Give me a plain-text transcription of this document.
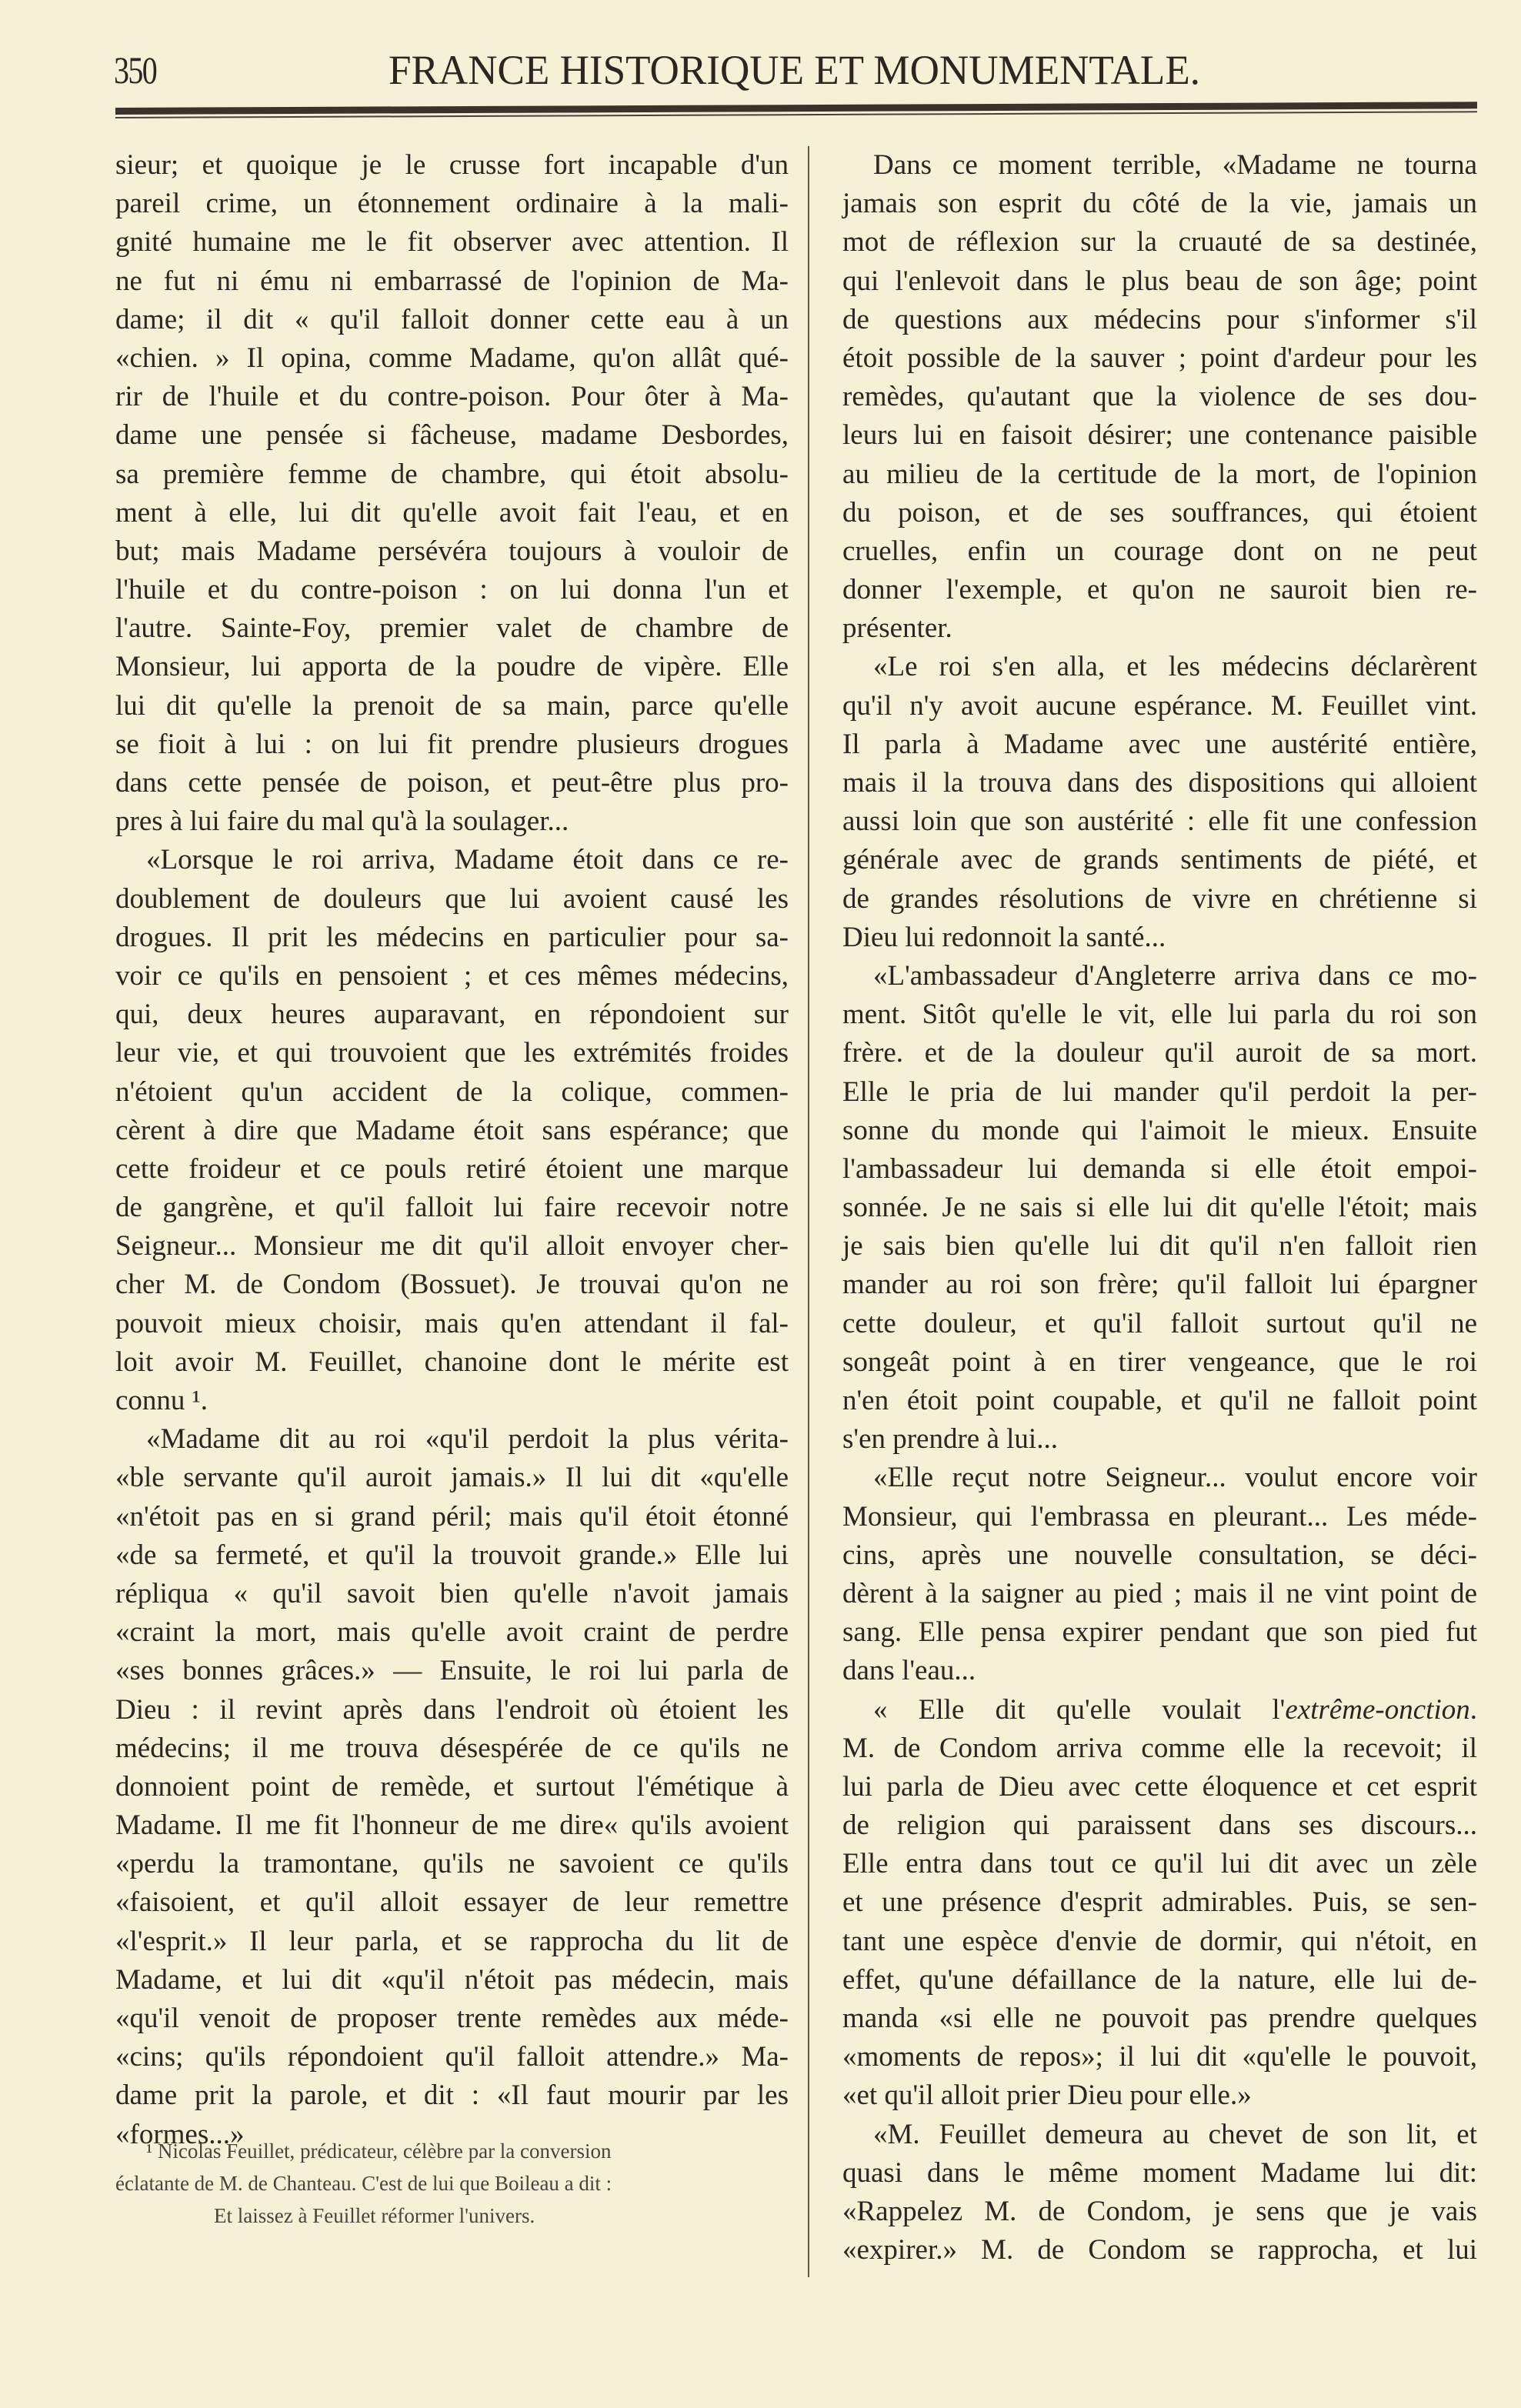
350	FRANCE HISTORIQUE ET MONUMENTALE.
sieur; et quoique je le crusse fort incapable d'un
pareil crime, un étonnement ordinaire à la mali-
gnité humaine me le fit observer avec attention. Il
ne fut ni ému ni embarrassé de l'opinion de Ma-
dame; il dit « qu'il falloit donner cette eau à un
«chien. » Il opina, comme Madame, qu'on allât qué-
rir de l'huile et du contre-poison. Pour ôter à Ma-
dame une pensée si fâcheuse, madame Desbordes,
sa première femme de chambre, qui étoit absolu-
ment à elle, lui dit qu'elle avoit fait l'eau, et en
but; mais Madame persévéra toujours à vouloir de
l'huile et du contre-poison : on lui donna l'un et
l'autre. Sainte-Foy, premier valet de chambre de
Monsieur, lui apporta de la poudre de vipère. Elle
lui dit qu'elle la prenoit de sa main, parce qu'elle
se fioit à lui : on lui fit prendre plusieurs drogues
dans cette pensée de poison, et peut-être plus pro-
pres à lui faire du mal qu'à la soulager...
«Lorsque le roi arriva, Madame étoit dans ce re-
doublement de douleurs que lui avoient causé les
drogues. Il prit les médecins en particulier pour sa-
voir ce qu'ils en pensoient ; et ces mêmes médecins,
qui, deux heures auparavant, en répondoient sur
leur vie, et qui trouvoient que les extrémités froides
n'étoient qu'un accident de la colique, commen-
cèrent à dire que Madame étoit sans espérance; que
cette froideur et ce pouls retiré étoient une marque
de gangrène, et qu'il falloit lui faire recevoir notre
Seigneur... Monsieur me dit qu'il alloit envoyer cher-
cher M. de Condom (Bossuet). Je trouvai qu'on ne
pouvoit mieux choisir, mais qu'en attendant il fal-
loit avoir M. Feuillet, chanoine dont le mérite est
connu ¹.
«Madame dit au roi «qu'il perdoit la plus vérita-
«ble servante qu'il auroit jamais.» Il lui dit «qu'elle
«n'étoit pas en si grand péril; mais qu'il étoit étonné
«de sa fermeté, et qu'il la trouvoit grande.» Elle lui
répliqua « qu'il savoit bien qu'elle n'avoit jamais
«craint la mort, mais qu'elle avoit craint de perdre
«ses bonnes grâces.» — Ensuite, le roi lui parla de
Dieu : il revint après dans l'endroit où étoient les
médecins; il me trouva désespérée de ce qu'ils ne
donnoient point de remède, et surtout l'émétique à
Madame. Il me fit l'honneur de me dire« qu'ils avoient
«perdu la tramontane, qu'ils ne savoient ce qu'ils
«faisoient, et qu'il alloit essayer de leur remettre
«l'esprit.» Il leur parla, et se rapprocha du lit de
Madame, et lui dit «qu'il n'étoit pas médecin, mais
«qu'il venoit de proposer trente remèdes aux méde-
«cins; qu'ils répondoient qu'il falloit attendre.» Ma-
dame prit la parole, et dit : «Il faut mourir par les
«formes...»
Dans ce moment terrible, «Madame ne tourna
jamais son esprit du côté de la vie, jamais un
mot de réflexion sur la cruauté de sa destinée,
qui l'enlevoit dans le plus beau de son âge; point
de questions aux médecins pour s'informer s'il
étoit possible de la sauver ; point d'ardeur pour les
remèdes, qu'autant que la violence de ses dou-
leurs lui en faisoit désirer; une contenance paisible
au milieu de la certitude de la mort, de l'opinion
du poison, et de ses souffrances, qui étoient
cruelles, enfin un courage dont on ne peut
donner l'exemple, et qu'on ne sauroit bien re-
présenter.
«Le roi s'en alla, et les médecins déclarèrent
qu'il n'y avoit aucune espérance. M. Feuillet vint.
Il parla à Madame avec une austérité entière,
mais il la trouva dans des dispositions qui alloient
aussi loin que son austérité : elle fit une confession
générale avec de grands sentiments de piété, et
de grandes résolutions de vivre en chrétienne si
Dieu lui redonnoit la santé...
«L'ambassadeur d'Angleterre arriva dans ce mo-
ment. Sitôt qu'elle le vit, elle lui parla du roi son
frère. et de la douleur qu'il auroit de sa mort.
Elle le pria de lui mander qu'il perdoit la per-
sonne du monde qui l'aimoit le mieux. Ensuite
l'ambassadeur lui demanda si elle étoit empoi-
sonnée. Je ne sais si elle lui dit qu'elle l'étoit; mais
je sais bien qu'elle lui dit qu'il n'en falloit rien
mander au roi son frère; qu'il falloit lui épargner
cette douleur, et qu'il falloit surtout qu'il ne
songeât point à en tirer vengeance, que le roi
n'en étoit point coupable, et qu'il ne falloit point
s'en prendre à lui...
«Elle reçut notre Seigneur... voulut encore voir
Monsieur, qui l'embrassa en pleurant... Les méde-
cins, après une nouvelle consultation, se déci-
dèrent à la saigner au pied ; mais il ne vint point de
sang. Elle pensa expirer pendant que son pied fut
dans l'eau...
« Elle dit qu'elle voulait l'extrême-onction.
M. de Condom arriva comme elle la recevoit; il
lui parla de Dieu avec cette éloquence et cet esprit
de religion qui paraissent dans ses discours...
Elle entra dans tout ce qu'il lui dit avec un zèle
et une présence d'esprit admirables. Puis, se sen-
tant une espèce d'envie de dormir, qui n'étoit, en
effet, qu'une défaillance de la nature, elle lui de-
manda «si elle ne pouvoit pas prendre quelques
«moments de repos»; il lui dit «qu'elle le pouvoit,
«et qu'il alloit prier Dieu pour elle.»
«M. Feuillet demeura au chevet de son lit, et
quasi dans le même moment Madame lui dit:
«Rappelez M. de Condom, je sens que je vais
«expirer.» M. de Condom se rapprocha, et lui
¹ Nicolas Feuillet, prédicateur, célèbre par la conversion
éclatante de M. de Chanteau. C'est de lui que Boileau a dit :
Et laissez à Feuillet réformer l'univers.
